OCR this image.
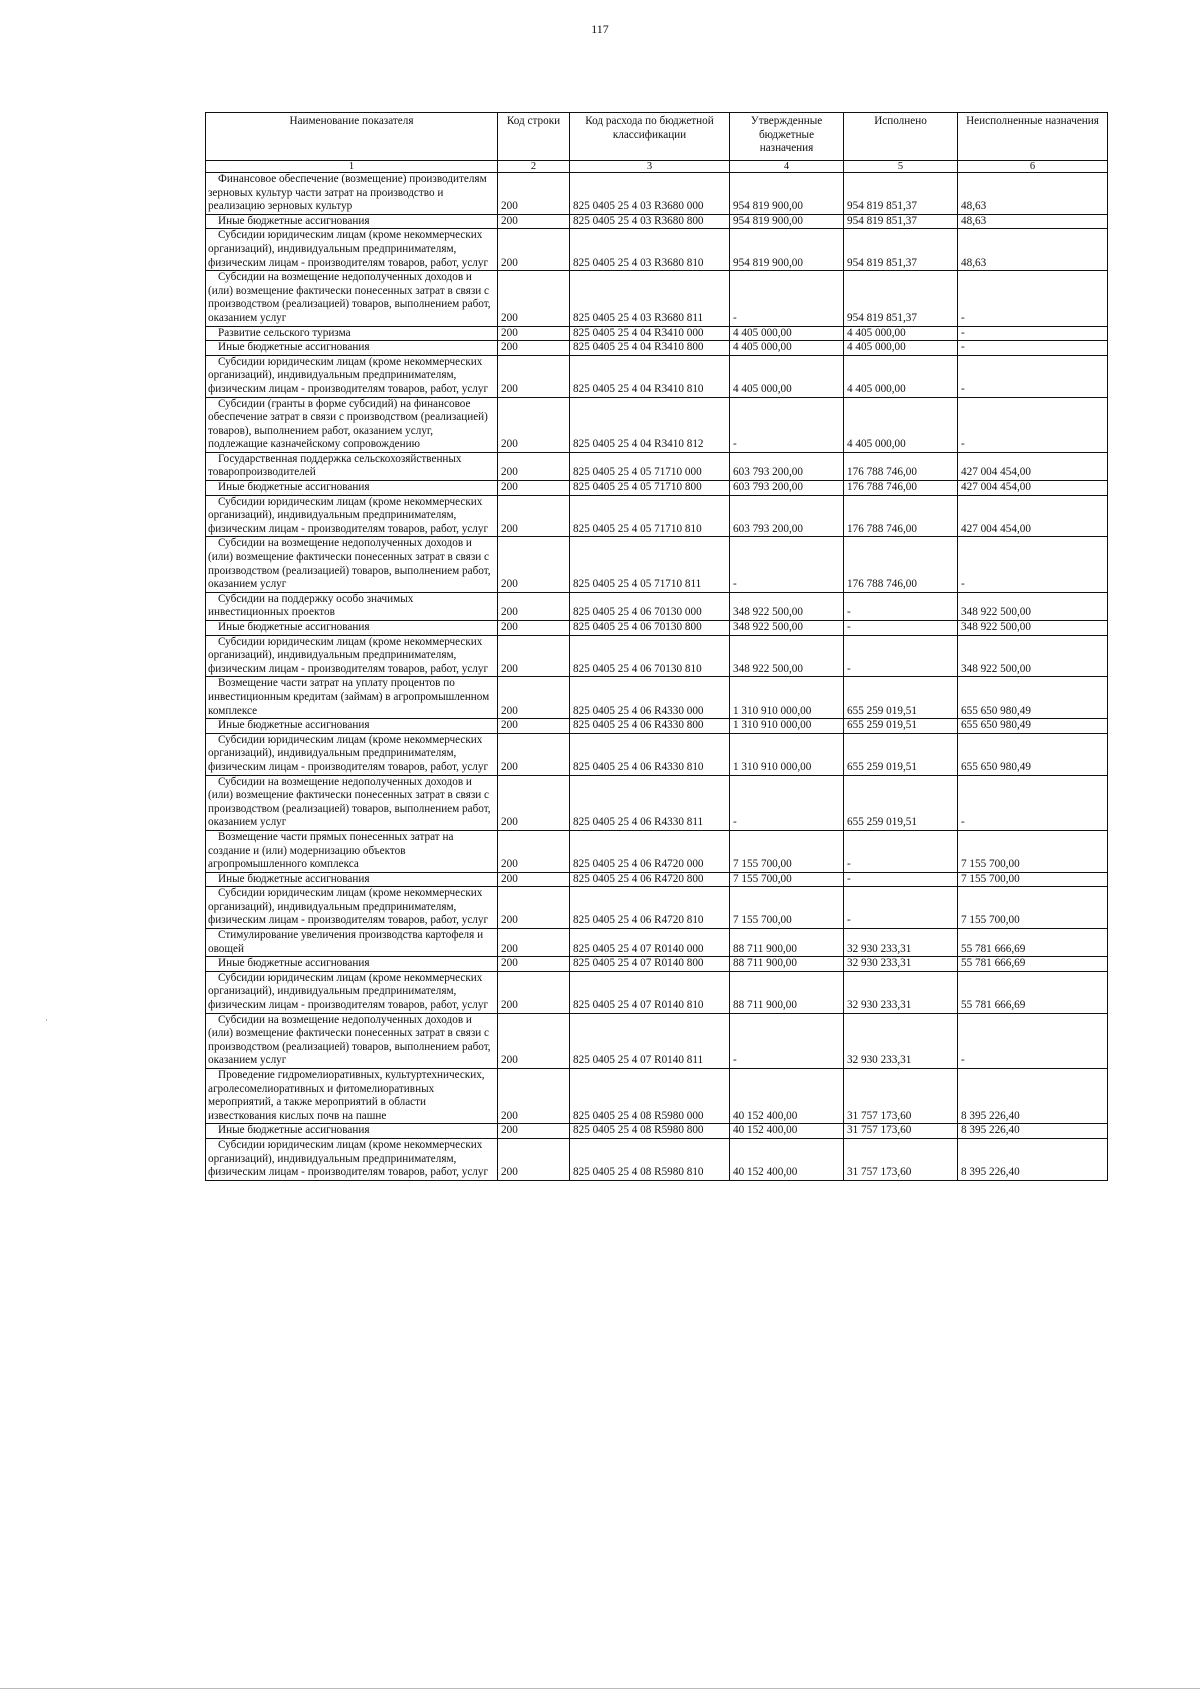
117
·
Наименование показателя	Код строки	Код расхода по бюджетной классификации	Утвержденные бюджетные назначения	Исполнено	Неисполненные назначения
1	2	3	4	5	6
Финансовое обеспечение (возмещение) производителям зерновых культур части затрат на производство и реализацию зерновых культур	200	825 0405 25 4 03 R3680 000	954 819 900,00	954 819 851,37	48,63
Иные бюджетные ассигнования	200	825 0405 25 4 03 R3680 800	954 819 900,00	954 819 851,37	48,63
Субсидии юридическим лицам (кроме некоммерческих организаций), индивидуальным предпринимателям, физическим лицам - производителям товаров, работ, услуг	200	825 0405 25 4 03 R3680 810	954 819 900,00	954 819 851,37	48,63
Субсидии на возмещение недополученных доходов и (или) возмещение фактически понесенных затрат в связи с производством (реализацией) товаров, выполнением работ, оказанием услуг	200	825 0405 25 4 03 R3680 811	-	954 819 851,37	-
Развитие сельского туризма	200	825 0405 25 4 04 R3410 000	4 405 000,00	4 405 000,00	-
Иные бюджетные ассигнования	200	825 0405 25 4 04 R3410 800	4 405 000,00	4 405 000,00	-
Субсидии юридическим лицам (кроме некоммерческих организаций), индивидуальным предпринимателям, физическим лицам - производителям товаров, работ, услуг	200	825 0405 25 4 04 R3410 810	4 405 000,00	4 405 000,00	-
Субсидии (гранты в форме субсидий) на финансовое обеспечение затрат в связи с производством (реализацией) товаров), выполнением работ, оказанием услуг, подлежащие казначейскому сопровождению	200	825 0405 25 4 04 R3410 812	-	4 405 000,00	-
Государственная поддержка сельскохозяйственных товаропроизводителей	200	825 0405 25 4 05 71710 000	603 793 200,00	176 788 746,00	427 004 454,00
Иные бюджетные ассигнования	200	825 0405 25 4 05 71710 800	603 793 200,00	176 788 746,00	427 004 454,00
Субсидии юридическим лицам (кроме некоммерческих организаций), индивидуальным предпринимателям, физическим лицам - производителям товаров, работ, услуг	200	825 0405 25 4 05 71710 810	603 793 200,00	176 788 746,00	427 004 454,00
Субсидии на возмещение недополученных доходов и (или) возмещение фактически понесенных затрат в связи с производством (реализацией) товаров, выполнением работ, оказанием услуг	200	825 0405 25 4 05 71710 811	-	176 788 746,00	-
Субсидии на поддержку особо значимых инвестиционных проектов	200	825 0405 25 4 06 70130 000	348 922 500,00	-	348 922 500,00
Иные бюджетные ассигнования	200	825 0405 25 4 06 70130 800	348 922 500,00	-	348 922 500,00
Субсидии юридическим лицам (кроме некоммерческих организаций), индивидуальным предпринимателям, физическим лицам - производителям товаров, работ, услуг	200	825 0405 25 4 06 70130 810	348 922 500,00	-	348 922 500,00
Возмещение части затрат на уплату процентов по инвестиционным кредитам (займам) в агропромышленном комплексе	200	825 0405 25 4 06 R4330 000	1 310 910 000,00	655 259 019,51	655 650 980,49
Иные бюджетные ассигнования	200	825 0405 25 4 06 R4330 800	1 310 910 000,00	655 259 019,51	655 650 980,49
Субсидии юридическим лицам (кроме некоммерческих организаций), индивидуальным предпринимателям, физическим лицам - производителям товаров, работ, услуг	200	825 0405 25 4 06 R4330 810	1 310 910 000,00	655 259 019,51	655 650 980,49
Субсидии на возмещение недополученных доходов и (или) возмещение фактически понесенных затрат в связи с производством (реализацией) товаров, выполнением работ, оказанием услуг	200	825 0405 25 4 06 R4330 811	-	655 259 019,51	-
Возмещение части прямых понесенных затрат на создание и (или) модернизацию объектов агропромышленного комплекса	200	825 0405 25 4 06 R4720 000	7 155 700,00	-	7 155 700,00
Иные бюджетные ассигнования	200	825 0405 25 4 06 R4720 800	7 155 700,00	-	7 155 700,00
Субсидии юридическим лицам (кроме некоммерческих организаций), индивидуальным предпринимателям, физическим лицам - производителям товаров, работ, услуг	200	825 0405 25 4 06 R4720 810	7 155 700,00	-	7 155 700,00
Стимулирование увеличения производства картофеля и овощей	200	825 0405 25 4 07 R0140 000	88 711 900,00	32 930 233,31	55 781 666,69
Иные бюджетные ассигнования	200	825 0405 25 4 07 R0140 800	88 711 900,00	32 930 233,31	55 781 666,69
Субсидии юридическим лицам (кроме некоммерческих организаций), индивидуальным предпринимателям, физическим лицам - производителям товаров, работ, услуг	200	825 0405 25 4 07 R0140 810	88 711 900,00	32 930 233,31	55 781 666,69
Субсидии на возмещение недополученных доходов и (или) возмещение фактически понесенных затрат в связи с производством (реализацией) товаров, выполнением работ, оказанием услуг	200	825 0405 25 4 07 R0140 811	-	32 930 233,31	-
Проведение гидромелиоративных, культуртехнических, агролесомелиоративных и фитомелиоративных мероприятий, а также мероприятий в области известкования кислых почв на пашне	200	825 0405 25 4 08 R5980 000	40 152 400,00	31 757 173,60	8 395 226,40
Иные бюджетные ассигнования	200	825 0405 25 4 08 R5980 800	40 152 400,00	31 757 173,60	8 395 226,40
Субсидии юридическим лицам (кроме некоммерческих организаций), индивидуальным предпринимателям, физическим лицам - производителям товаров, работ, услуг	200	825 0405 25 4 08 R5980 810	40 152 400,00	31 757 173,60	8 395 226,40
